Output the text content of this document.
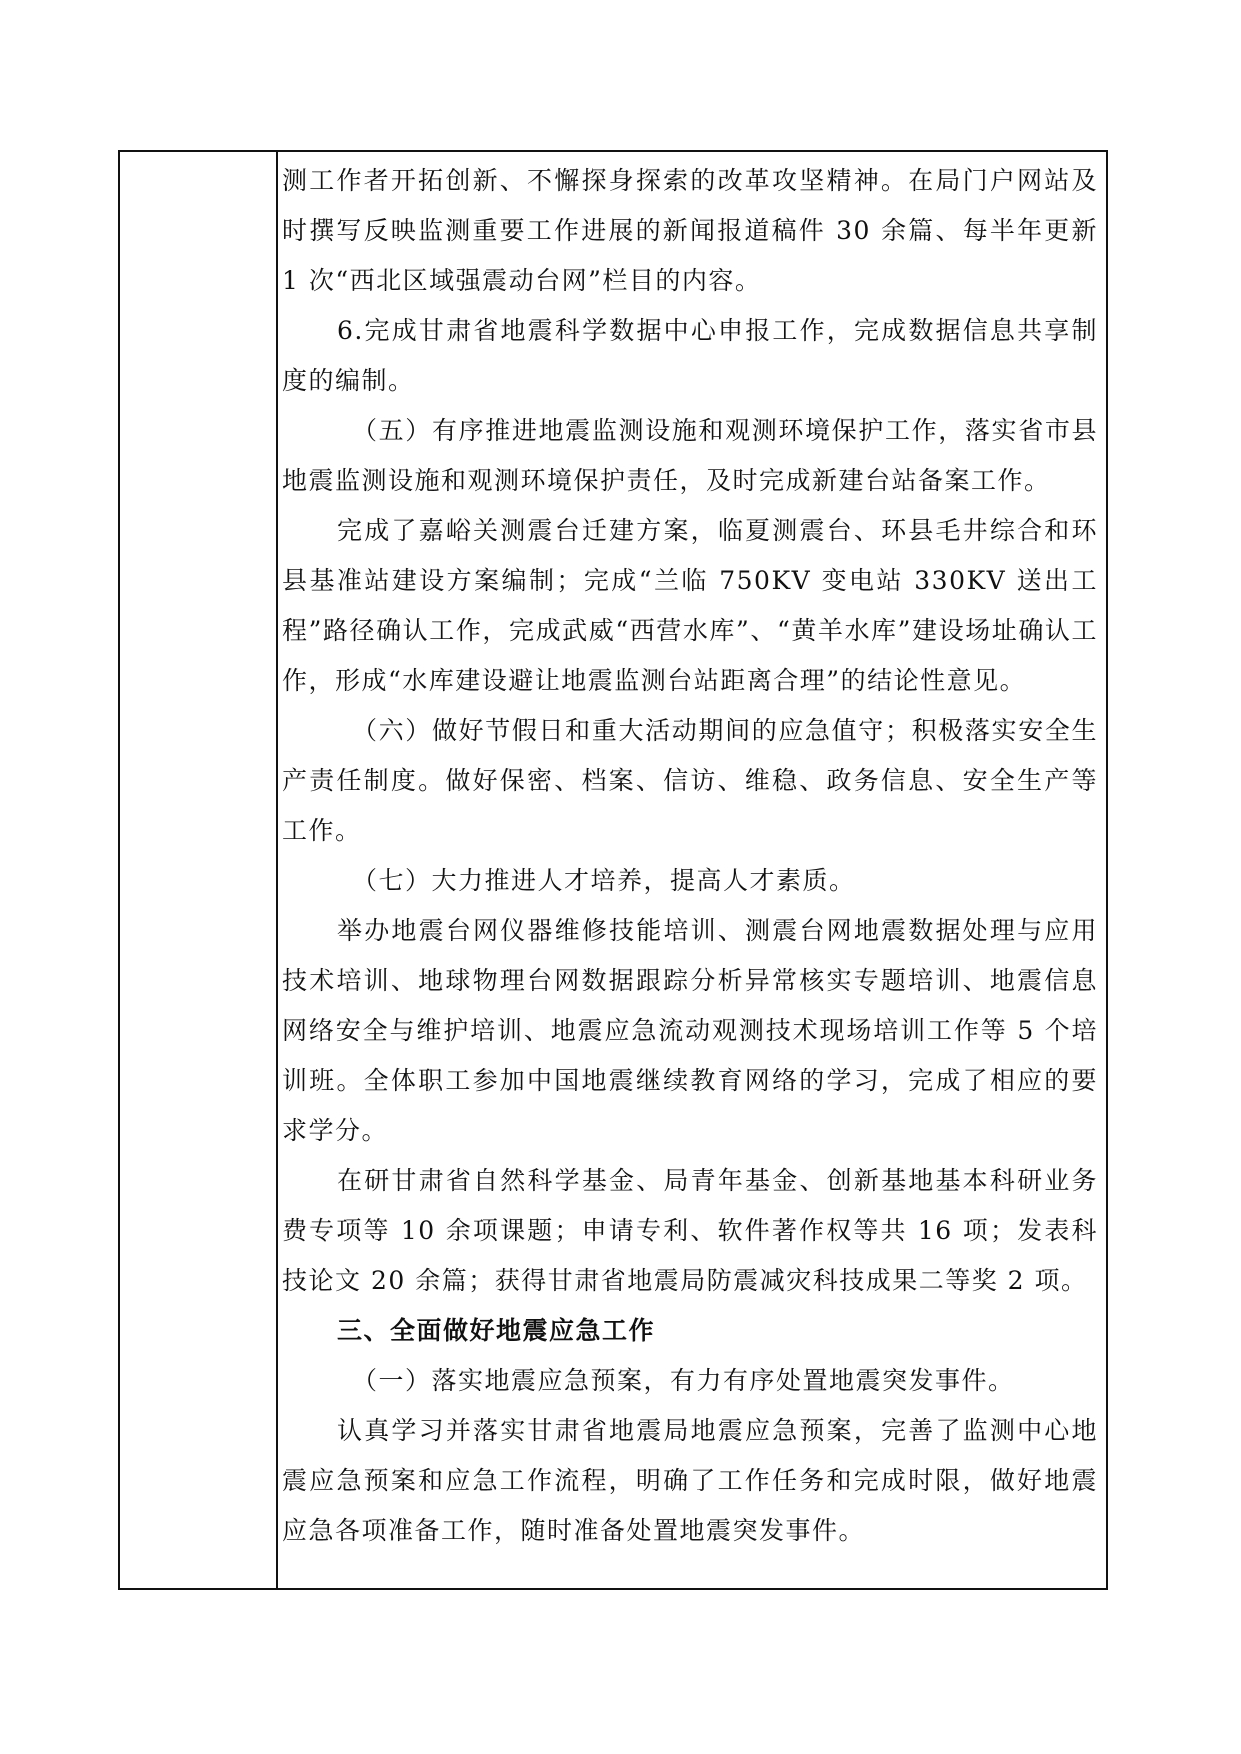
测工作者开拓创新、不懈探身探索的改革攻坚精神。在局门户网站及时撰写反映监测重要工作进展的新闻报道稿件 30 余篇、每半年更新 1 次“西北区域强震动台网”栏目的内容。

6.完成甘肃省地震科学数据中心申报工作，完成数据信息共享制度的编制。

（五）有序推进地震监测设施和观测环境保护工作，落实省市县地震监测设施和观测环境保护责任，及时完成新建台站备案工作。

完成了嘉峪关测震台迁建方案，临夏测震台、环县毛井综合和环县基准站建设方案编制；完成“兰临 750KV 变电站 330KV 送出工程”路径确认工作，完成武威“西营水库”、“黄羊水库”建设场址确认工作，形成“水库建设避让地震监测台站距离合理”的结论性意见。

（六）做好节假日和重大活动期间的应急值守；积极落实安全生产责任制度。做好保密、档案、信访、维稳、政务信息、安全生产等工作。

（七）大力推进人才培养，提高人才素质。

举办地震台网仪器维修技能培训、测震台网地震数据处理与应用技术培训、地球物理台网数据跟踪分析异常核实专题培训、地震信息网络安全与维护培训、地震应急流动观测技术现场培训工作等 5 个培训班。全体职工参加中国地震继续教育网络的学习，完成了相应的要求学分。

在研甘肃省自然科学基金、局青年基金、创新基地基本科研业务费专项等 10 余项课题；申请专利、软件著作权等共 16 项；发表科技论文 20 余篇；获得甘肃省地震局防震减灾科技成果二等奖 2 项。

三、全面做好地震应急工作

（一）落实地震应急预案，有力有序处置地震突发事件。

认真学习并落实甘肃省地震局地震应急预案，完善了监测中心地震应急预案和应急工作流程，明确了工作任务和完成时限，做好地震应急各项准备工作，随时准备处置地震突发事件。
